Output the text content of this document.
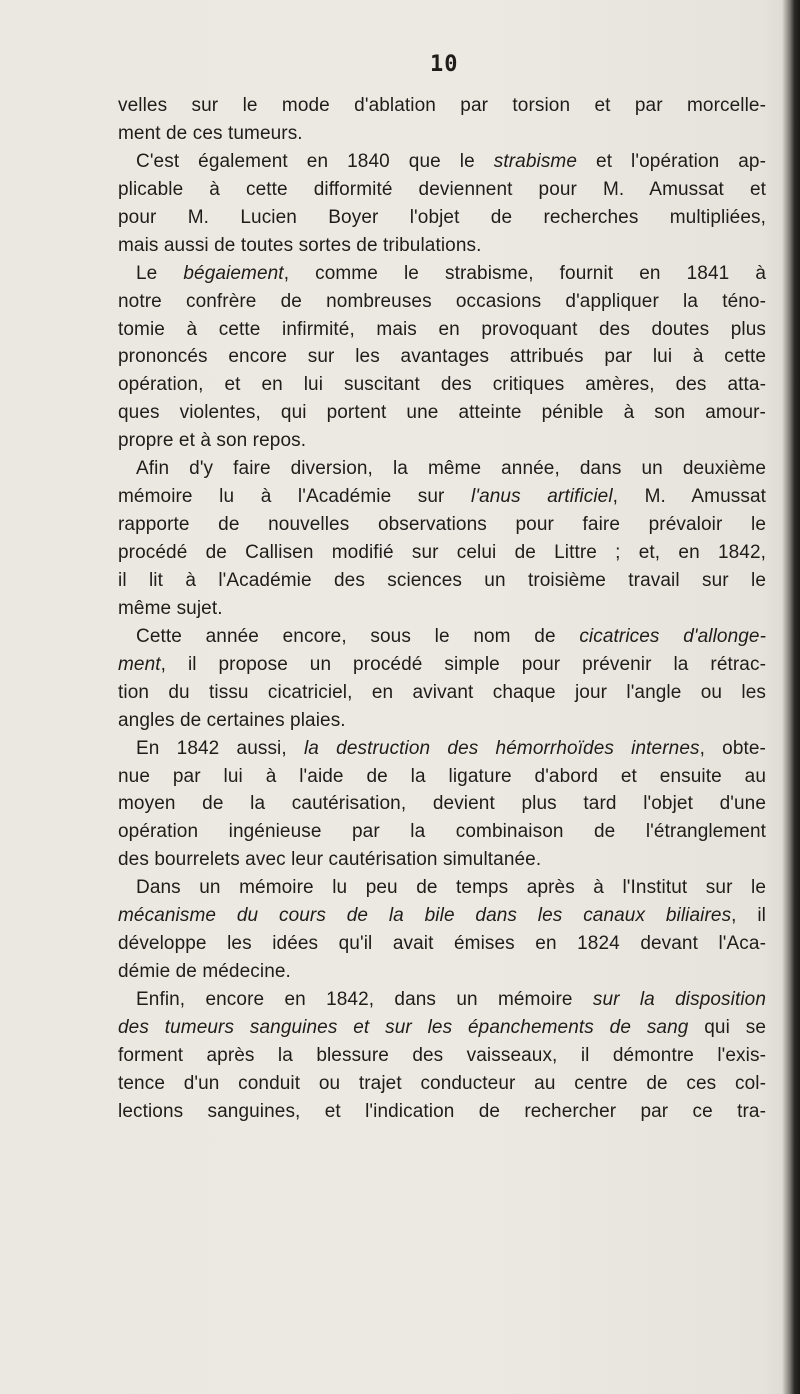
10
velles sur le mode d'ablation par torsion et par morcelle-
ment de ces tumeurs.
C'est également en 1840 que le strabisme et l'opération ap-
plicable à cette difformité deviennent pour M. Amussat et
pour M. Lucien Boyer l'objet de recherches multipliées,
mais aussi de toutes sortes de tribulations.
Le bégaiement, comme le strabisme, fournit en 1841 à
notre confrère de nombreuses occasions d'appliquer la téno-
tomie à cette infirmité, mais en provoquant des doutes plus
prononcés encore sur les avantages attribués par lui à cette
opération, et en lui suscitant des critiques amères, des atta-
ques violentes, qui portent une atteinte pénible à son amour-
propre et à son repos.
Afin d'y faire diversion, la même année, dans un deuxième
mémoire lu à l'Académie sur l'anus artificiel, M. Amussat
rapporte de nouvelles observations pour faire prévaloir le
procédé de Callisen modifié sur celui de Littre ; et, en 1842,
il lit à l'Académie des sciences un troisième travail sur le
même sujet.
Cette année encore, sous le nom de cicatrices d'allonge-
ment, il propose un procédé simple pour prévenir la rétrac-
tion du tissu cicatriciel, en avivant chaque jour l'angle ou les
angles de certaines plaies.
En 1842 aussi, la destruction des hémorrhoïdes internes, obte-
nue par lui à l'aide de la ligature d'abord et ensuite au
moyen de la cautérisation, devient plus tard l'objet d'une
opération ingénieuse par la combinaison de l'étranglement
des bourrelets avec leur cautérisation simultanée.
Dans un mémoire lu peu de temps après à l'Institut sur le
mécanisme du cours de la bile dans les canaux biliaires, il
développe les idées qu'il avait émises en 1824 devant l'Aca-
démie de médecine.
Enfin, encore en 1842, dans un mémoire sur la disposition
des tumeurs sanguines et sur les épanchements de sang qui se
forment après la blessure des vaisseaux, il démontre l'exis-
tence d'un conduit ou trajet conducteur au centre de ces col-
lections sanguines, et l'indication de rechercher par ce tra-
